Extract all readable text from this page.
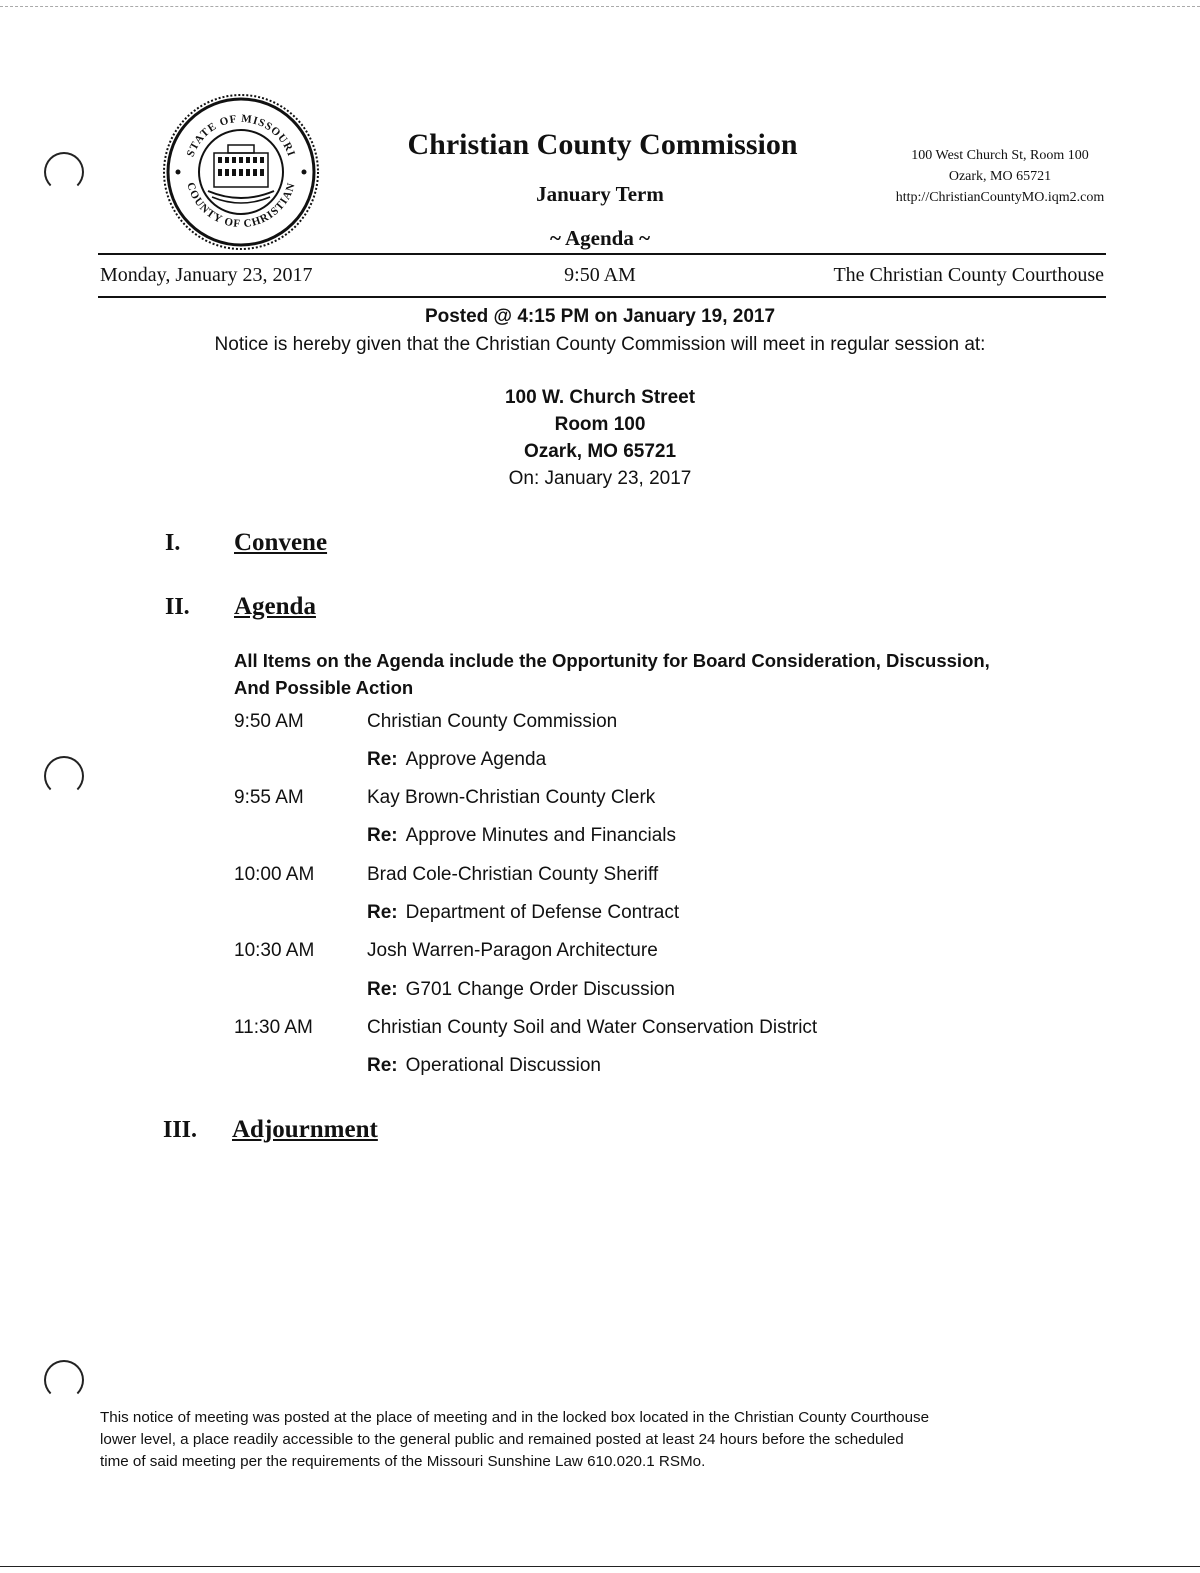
STATE OF MISSOURI
COUNTY OF CHRISTIAN
Christian County Commission
January Term
~ Agenda ~
100 West Church St, Room 100
Ozark, MO 65721
http://ChristianCountyMO.iqm2.com
Monday, January 23, 2017	9:50 AM	The Christian County Courthouse
Posted @ 4:15 PM on January 19, 2017
Notice is hereby given that the Christian County Commission will meet in regular session at:
100 W. Church Street
Room 100
Ozark, MO 65721
On: January 23, 2017
I. Convene
II. Agenda
All Items on the Agenda include the Opportunity for Board Consideration, Discussion,
And Possible Action
9:50 AM	Christian County Commission
Re: Approve Agenda
9:55 AM	Kay Brown-Christian County Clerk
Re: Approve Minutes and Financials
10:00 AM	Brad Cole-Christian County Sheriff
Re: Department of Defense Contract
10:30 AM	Josh Warren-Paragon Architecture
Re: G701 Change Order Discussion
11:30 AM	Christian County Soil and Water Conservation District
Re: Operational Discussion
III. Adjournment
This notice of meeting was posted at the place of meeting and in the locked box located in the Christian County Courthouse
lower level, a place readily accessible to the general public and remained posted at least 24 hours before the scheduled
time of said meeting per the requirements of the Missouri Sunshine Law 610.020.1 RSMo.
